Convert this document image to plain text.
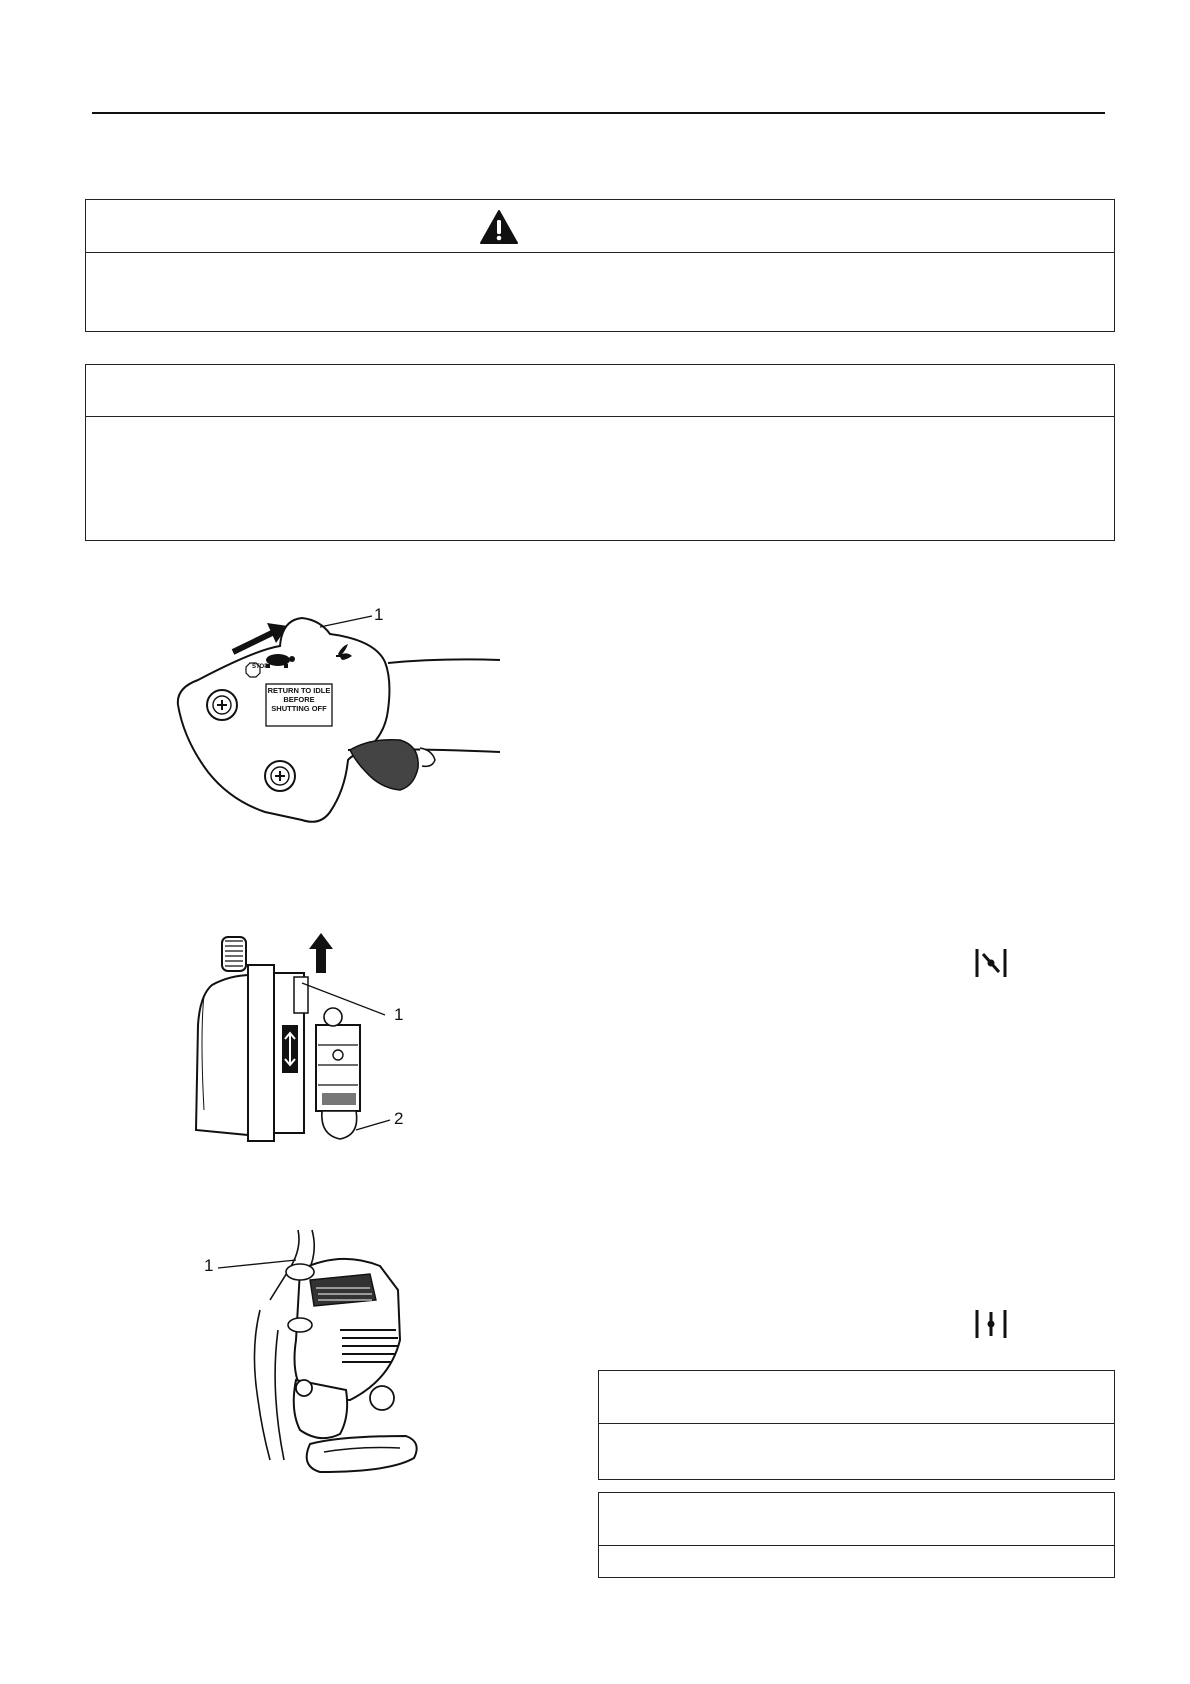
STOP
RETURN TO IDLE
BEFORE
SHUTTING OFF
1
1
2
1
